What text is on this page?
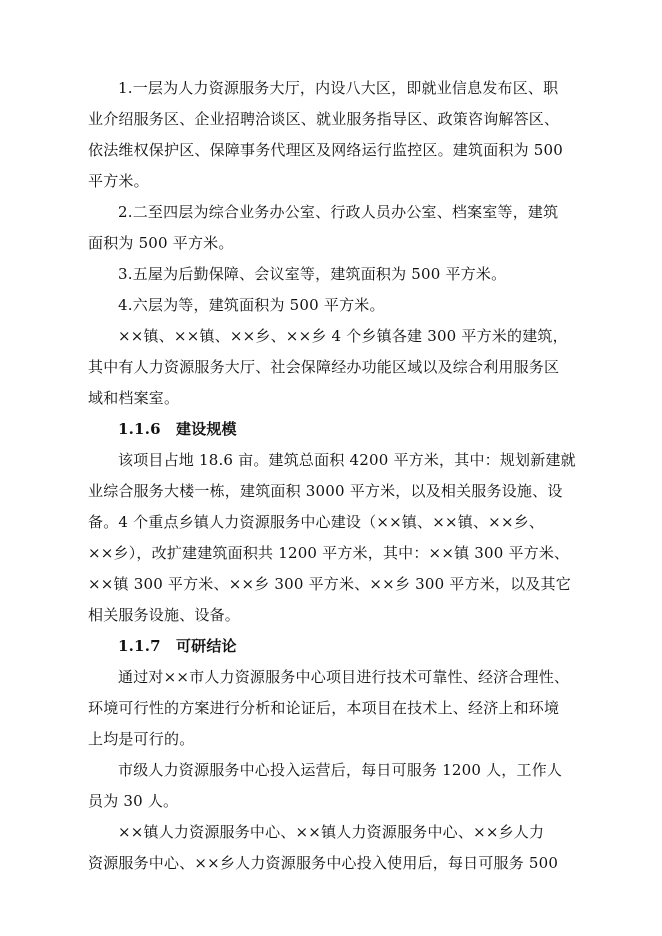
1.一层为人力资源服务大厅，内设八大区，即就业信息发布区、职
业介绍服务区、企业招聘洽谈区、就业服务指导区、政策咨询解答区、
依法维权保护区、保障事务代理区及网络运行监控区。建筑面积为 500
平方米。
2.二至四层为综合业务办公室、行政人员办公室、档案室等，建筑
面积为 500 平方米。
3.五屋为后勤保障、会议室等，建筑面积为 500 平方米。
4.六层为等，建筑面积为 500 平方米。
××镇、××镇、××乡、××乡 4 个乡镇各建 300 平方米的建筑，
其中有人力资源服务大厅、社会保障经办功能区域以及综合利用服务区
域和档案室。
1.1.6　建设规模
该项目占地 18.6 亩。建筑总面积 4200 平方米，其中：规划新建就
业综合服务大楼一栋，建筑面积 3000 平方米，以及相关服务设施、设
备。4 个重点乡镇人力资源服务中心建设（××镇、××镇、××乡、
××乡），改扩建建筑面积共 1200 平方米，其中：××镇 300 平方米、
××镇 300 平方米、××乡 300 平方米、××乡 300 平方米，以及其它
相关服务设施、设备。
1.1.7　可研结论
通过对××市人力资源服务中心项目进行技术可靠性、经济合理性、
环境可行性的方案进行分析和论证后，本项目在技术上、经济上和环境
上均是可行的。
市级人力资源服务中心投入运营后，每日可服务 1200 人，工作人
员为 30 人。
××镇人力资源服务中心、××镇人力资源服务中心、××乡人力
资源服务中心、××乡人力资源服务中心投入使用后，每日可服务 500
